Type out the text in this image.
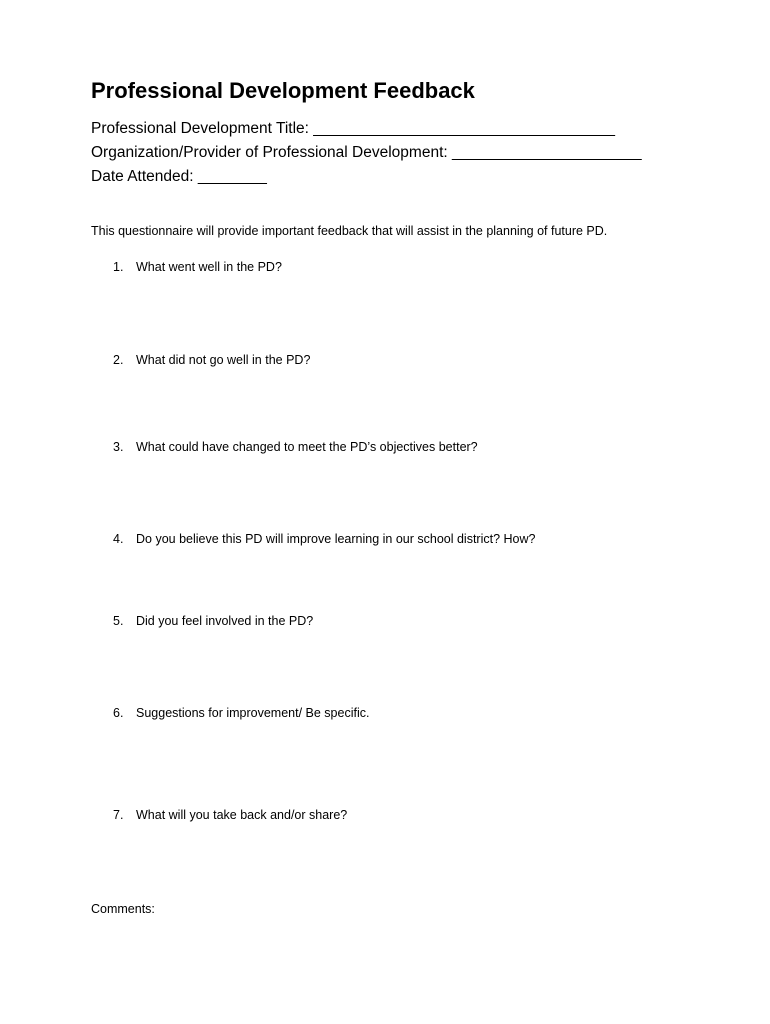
Professional Development Feedback
Professional Development Title: ___________________________________
Organization/Provider of Professional Development: ______________________
Date Attended: ________
This questionnaire will provide important feedback that will assist in the planning of future PD.
1. What went well in the PD?
2. What did not go well in the PD?
3. What could have changed to meet the PD’s objectives better?
4. Do you believe this PD will improve learning in our school district? How?
5. Did you feel involved in the PD?
6. Suggestions for improvement/ Be specific.
7. What will you take back and/or share?
Comments:
